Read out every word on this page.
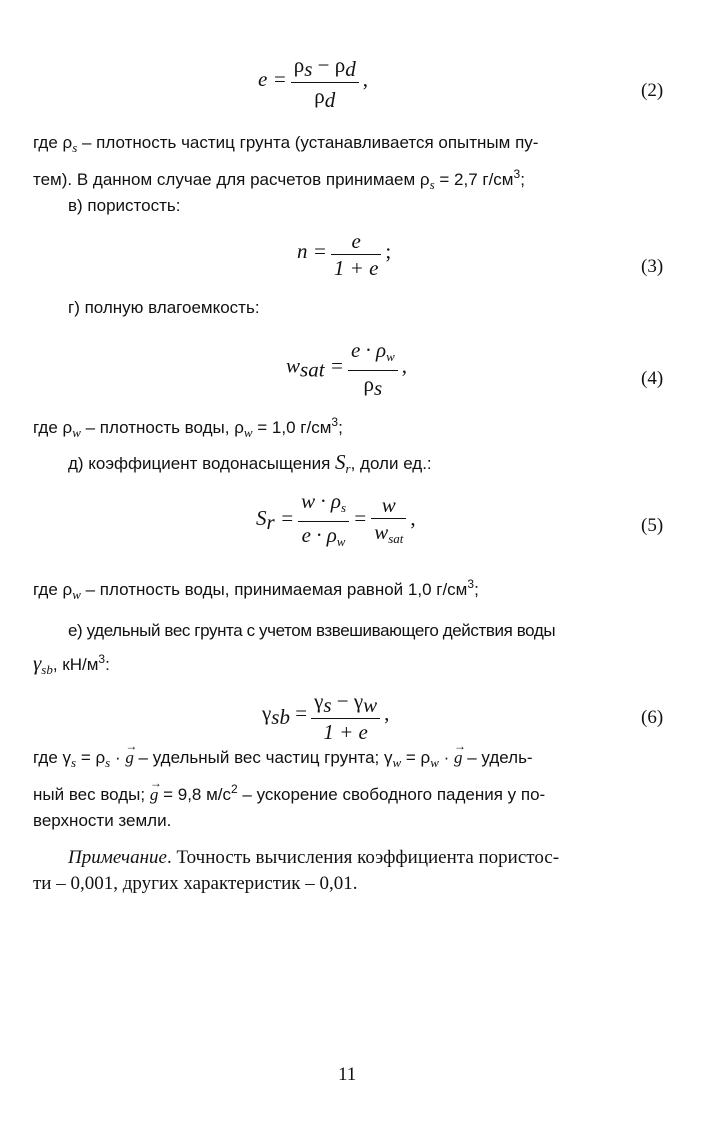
$e = \frac{\rho_s - \rho_d}{\rho_d}$ ,	(2)
где $\rho_s$ – плотность частиц грунта (устанавливается опытным пу-
тем). В данном случае для расчетов принимаем $\rho_s = 2,7$ $г/см^3$;
в) пористость:
$n = \frac{e}{1 + e}$ ;
(3)
г) полную влагоемкость:
$w_{sat} = \frac{e \cdot \rho_w}{\rho_s}$ ,
(4)
где $\rho_w$ – плотность воды, $\rho_w = 1,0$ $г/см^3$;
д) коэффициент водонасыщения $S_r$, доли ед.:
$S_r = \frac{w \cdot \rho_s}{e \cdot \rho_w} = \frac{w}{w_{sat}}$ ,	(5)
где $\rho_w$ – плотность воды, принимаемая равной 1,0 $г/см^3$;
е) удельный вес грунта с учетом взвешивающего действия воды
$\gamma_{sb}$, $кН/м^3$:
$\gamma_{sb} = \frac{\gamma_s - \gamma_w}{1 + e}$ ,	(6)
где $\gamma_s = \rho_s$ · → g – удельный вес частиц грунта; $\gamma_w = \rho_w$ · → g – удель-
ный вес воды; → g = 9,8 $м/с^2$ – ускорение свободного падения у по-
верхности земли.
Примечание. Точность вычисления коэффициента пористос-
ти – 0,001, других характеристик – 0,01.
11
